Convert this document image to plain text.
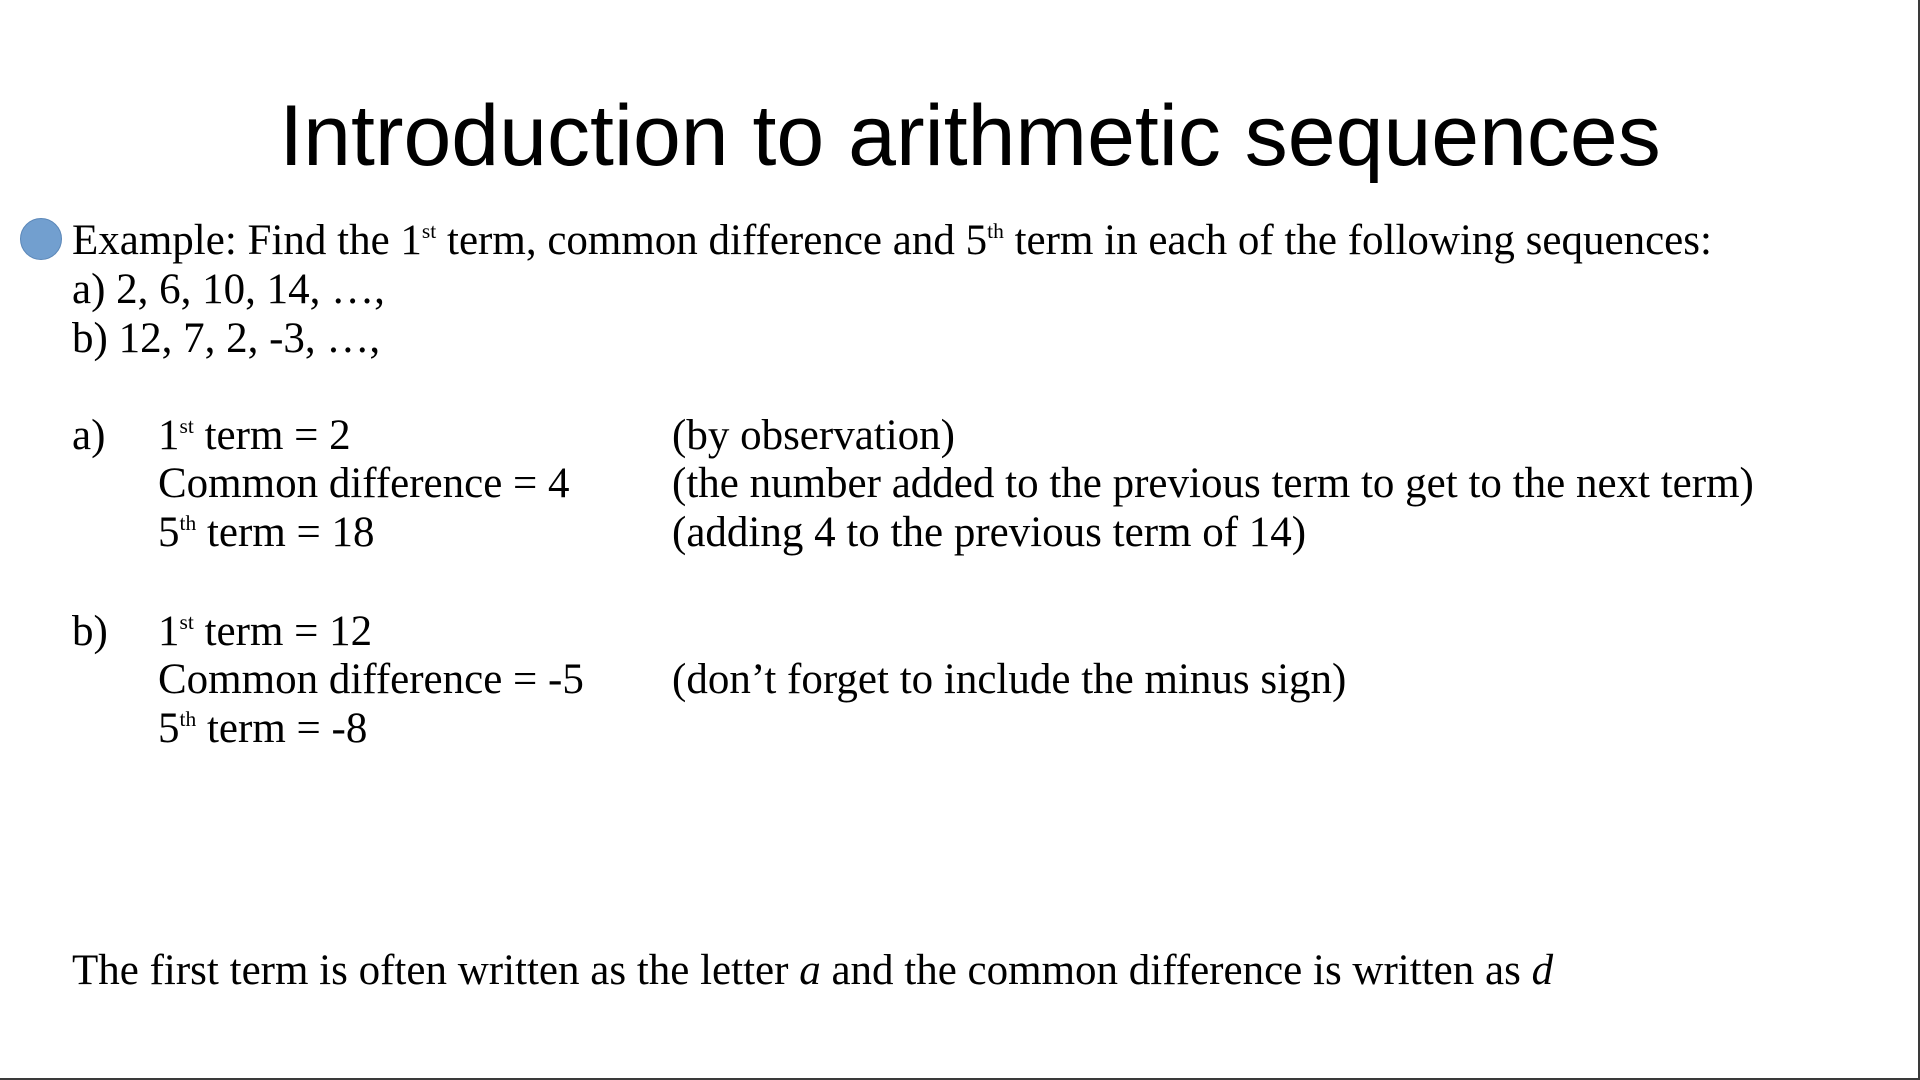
Introduction to arithmetic sequences
Example: Find the 1st term, common difference and 5th term in each of the following sequences:
a) 2, 6, 10, 14, …,
b) 12, 7, 2, -3, …,
a) 1st term = 2	(by observation)
Common difference = 4 (the number added to the previous term to get to the next term)
5th term = 18	(adding 4 to the previous term of 14)
b) 1st term = 12
Common difference = -5 (don’t forget to include the minus sign)
5th term = -8
The first term is often written as the letter a and the common difference is written as d
